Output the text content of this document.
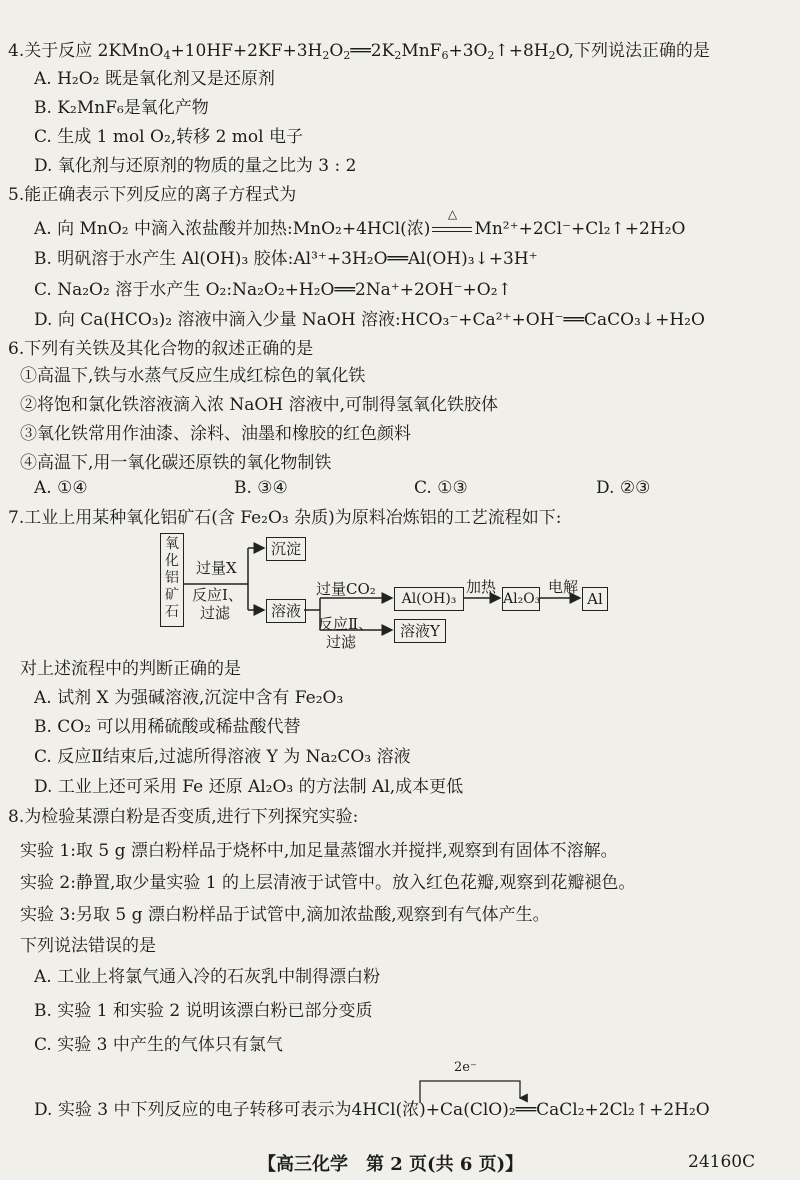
4.关于反应 $2KMnO_4+10HF+2KF+3H_2O_2══2K_2MnF_6+3O_2↑+8H_2O$,下列说法正确的是
A. H₂O₂ 既是氧化剂又是还原剂
B. K₂MnF₆是氧化产物
C. 生成 1 mol O₂,转移 2 mol 电子
D. 氧化剂与还原剂的物质的量之比为 3 : 2
5.能正确表示下列反应的离子方程式为
A. 向 MnO₂ 中滴入浓盐酸并加热:MnO₂+4HCl(浓)
△
Mn²⁺+2Cl⁻+Cl₂↑+2H₂O
B. 明矾溶于水产生 Al(OH)₃ 胶体:Al³⁺+3H₂O══Al(OH)₃↓+3H⁺
C. Na₂O₂ 溶于水产生 O₂:Na₂O₂+H₂O══2Na⁺+2OH⁻+O₂↑
D. 向 Ca(HCO₃)₂ 溶液中滴入少量 NaOH 溶液:HCO₃⁻+Ca²⁺+OH⁻══CaCO₃↓+H₂O
6.下列有关铁及其化合物的叙述正确的是
①高温下,铁与水蒸气反应生成红棕色的氧化铁
②将饱和氯化铁溶液滴入浓 NaOH 溶液中,可制得氢氧化铁胶体
③氧化铁常用作油漆、涂料、油墨和橡胶的红色颜料
④高温下,用一氧化碳还原铁的氧化物制铁
A. ①④	B. ③④	C. ①③	D. ②③
7.工业上用某种氧化铝矿石(含 Fe₂O₃ 杂质)为原料冶炼铝的工艺流程如下:
氧化铝矿石
过量X
反应Ⅰ、
过滤
沉淀
溶液
过量CO₂
反应Ⅱ、
过滤
Al(OH)₃
溶液Y
加热
Al₂O₃
电解
Al
对上述流程中的判断正确的是
A. 试剂 X 为强碱溶液,沉淀中含有 Fe₂O₃
B. CO₂ 可以用稀硫酸或稀盐酸代替
C. 反应Ⅱ结束后,过滤所得溶液 Y 为 Na₂CO₃ 溶液
D. 工业上还可采用 Fe 还原 Al₂O₃ 的方法制 Al,成本更低
8.为检验某漂白粉是否变质,进行下列探究实验:
实验 1:取 5 g 漂白粉样品于烧杯中,加足量蒸馏水并搅拌,观察到有固体不溶解。
实验 2:静置,取少量实验 1 的上层清液于试管中。放入红色花瓣,观察到花瓣褪色。
实验 3:另取 5 g 漂白粉样品于试管中,滴加浓盐酸,观察到有气体产生。
下列说法错误的是
A. 工业上将氯气通入冷的石灰乳中制得漂白粉
B. 实验 1 和实验 2 说明该漂白粉已部分变质
C. 实验 3 中产生的气体只有氯气
2e⁻
D. 实验 3 中下列反应的电子转移可表示为4HCl(浓)+Ca(ClO)₂══CaCl₂+2Cl₂↑+2H₂O
【高三化学　第 2 页(共 6 页)】	24160C
